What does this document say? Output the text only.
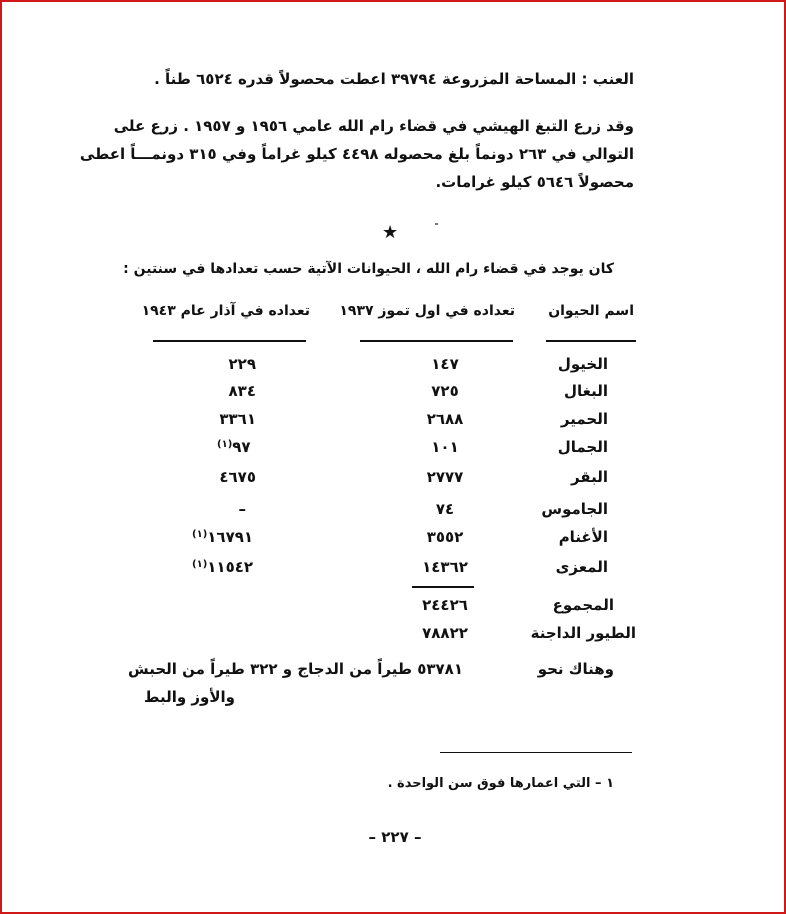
العنب : المساحة المزروعة ٣٩٧٩٤ اعطت محصولاً قدره ٦٥٢٤ طناً .

وقد زرع التبغ الهيشي في قضاء رام الله عامي ١٩٥٦ و ١٩٥٧ . زرع على

التوالي في ٢٦٣ دونماً بلغ محصوله ٤٤٩٨ كيلو غراماً وفي ٣١٥ دونمـــاً اعطى

محصولاً ٥٦٤٦ كيلو غرامات.

★

كان يوجد في قضاء رام الله ، الحيوانات الآتية حسب تعدادها في سنتين :

اسم الحيوان

تعداده في اول تموز ١٩٣٧

تعداده في آذار عام ١٩٤٣

الخيول

١٤٧

٢٢٩

البغال

٧٢٥

٨٣٤

الحمير

٢٦٨٨

٣٣٦١

الجمال

١٠١

$^{(١)}$٩٧

البقر

٢٧٧٧

٤٦٧٥

الجاموس

٧٤

–

الأغنام

٣٥٥٢

$^{(١)}$١٦٧٩١

المعزى

١٤٣٦٢

$^{(١)}$١١٥٤٢

المجموع

٢٤٤٢٦

الطيور الداجنة

٧٨٨٢٢

وهناك نحو

٥٣٧٨١ طيراً من الدجاج و ٣٢٢ طيراً من الحبش

والأوز والبط

١ – التي اعمارها فوق سن الواحدة .

– ٢٢٧ –
